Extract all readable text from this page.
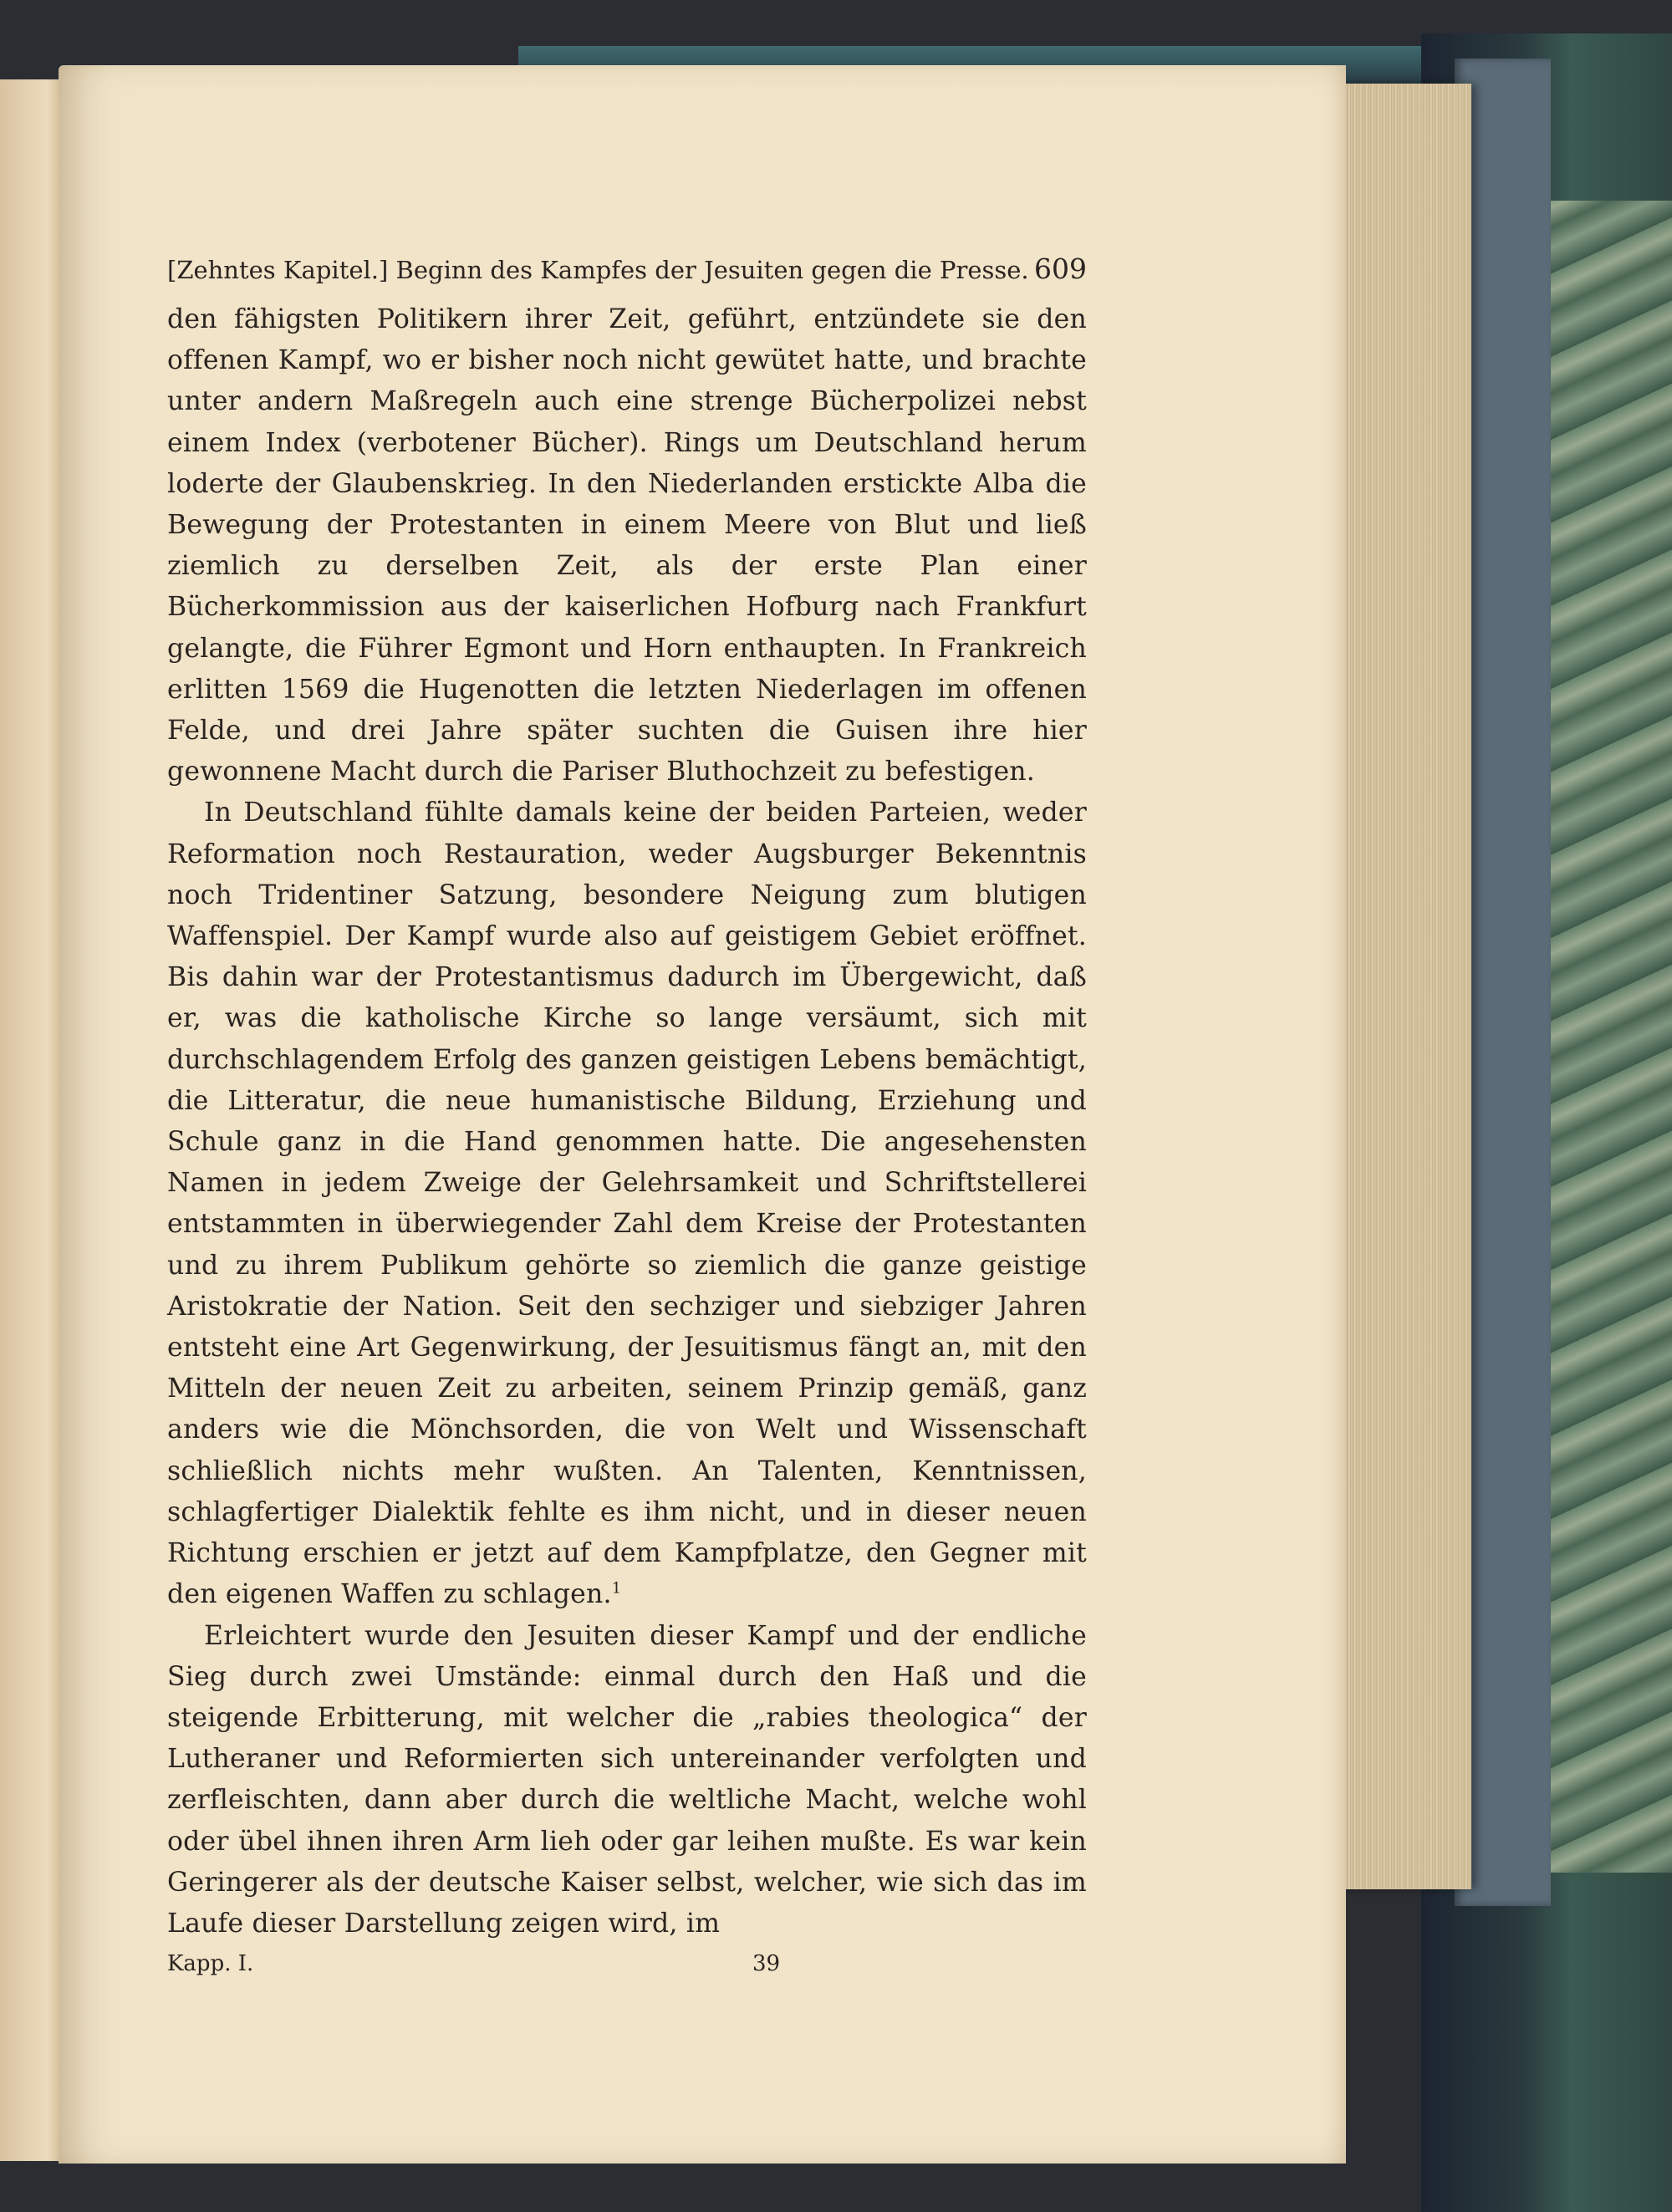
[Zehntes Kapitel.] Beginn des Kampfes der Jesuiten gegen die Presse. 609

den fähigsten Politikern ihrer Zeit, geführt, entzündete sie den offenen Kampf, wo er bisher noch nicht gewütet hatte, und brachte unter andern Maßregeln auch eine strenge Bücherpolizei nebst einem Index (verbotener Bücher). Rings um Deutschland herum loderte der Glaubenskrieg. In den Niederlanden erstickte Alba die Bewegung der Protestanten in einem Meere von Blut und ließ ziemlich zu derselben Zeit, als der erste Plan einer Bücherkommission aus der kaiserlichen Hofburg nach Frankfurt gelangte, die Führer Egmont und Horn enthaupten. In Frankreich erlitten 1569 die Hugenotten die letzten Niederlagen im offenen Felde, und drei Jahre später suchten die Guisen ihre hier gewonnene Macht durch die Pariser Bluthochzeit zu befestigen.

In Deutschland fühlte damals keine der beiden Parteien, weder Reformation noch Restauration, weder Augsburger Bekenntnis noch Tridentiner Satzung, besondere Neigung zum blutigen Waffenspiel. Der Kampf wurde also auf geistigem Gebiet eröffnet. Bis dahin war der Protestantismus dadurch im Übergewicht, daß er, was die katholische Kirche so lange versäumt, sich mit durchschlagendem Erfolg des ganzen geistigen Lebens bemächtigt, die Litteratur, die neue humanistische Bildung, Erziehung und Schule ganz in die Hand genommen hatte. Die angesehensten Namen in jedem Zweige der Gelehrsamkeit und Schriftstellerei entstammten in überwiegender Zahl dem Kreise der Protestanten und zu ihrem Publikum gehörte so ziemlich die ganze geistige Aristokratie der Nation. Seit den sechziger und siebziger Jahren entsteht eine Art Gegenwirkung, der Jesuitismus fängt an, mit den Mitteln der neuen Zeit zu arbeiten, seinem Prinzip gemäß, ganz anders wie die Mönchsorden, die von Welt und Wissenschaft schließlich nichts mehr wußten. An Talenten, Kenntnissen, schlagfertiger Dialektik fehlte es ihm nicht, und in dieser neuen Richtung erschien er jetzt auf dem Kampfplatze, den Gegner mit den eigenen Waffen zu schlagen.$^1$

Erleichtert wurde den Jesuiten dieser Kampf und der endliche Sieg durch zwei Umstände: einmal durch den Haß und die steigende Erbitterung, mit welcher die „rabies theologica“ der Lutheraner und Reformierten sich untereinander verfolgten und zerfleischten, dann aber durch die weltliche Macht, welche wohl oder übel ihnen ihren Arm lieh oder gar leihen mußte. Es war kein Geringerer als der deutsche Kaiser selbst, welcher, wie sich das im Laufe dieser Darstellung zeigen wird, im

Kapp. I.	39
